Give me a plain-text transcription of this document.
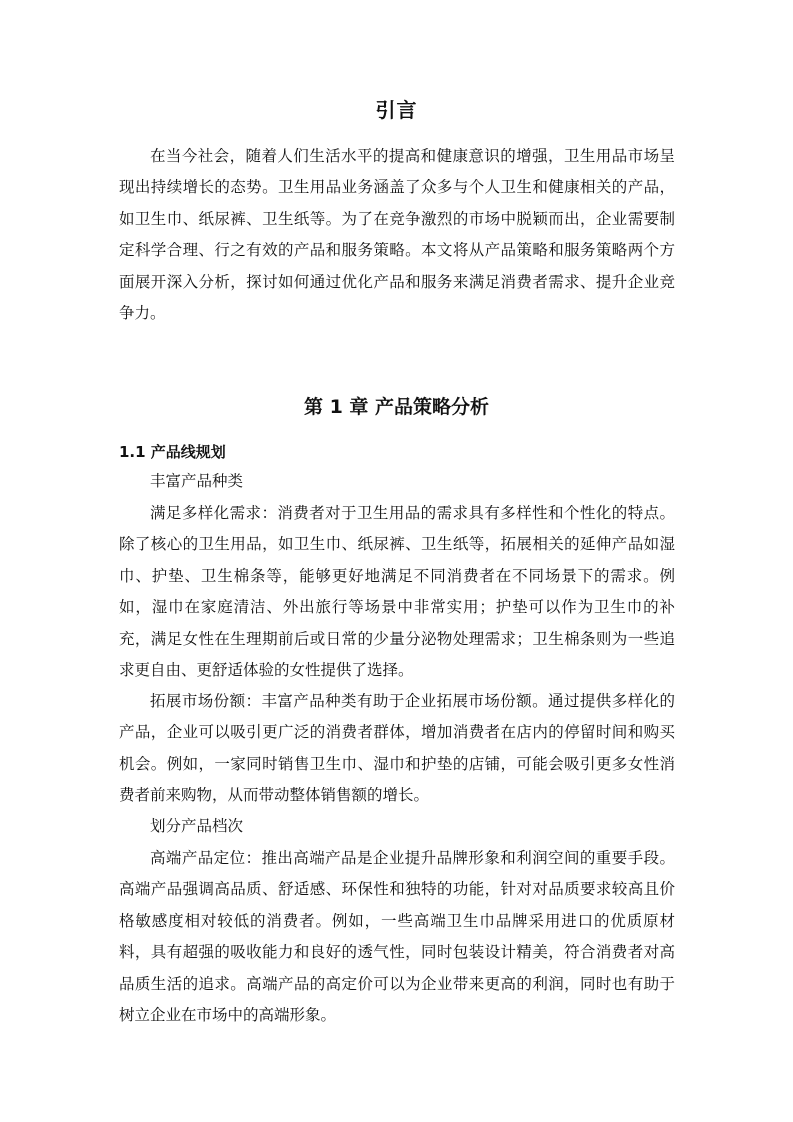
引言

在当今社会，随着人们生活水平的提高和健康意识的增强，卫生用品市场呈现出持续增长的态势。卫生用品业务涵盖了众多与个人卫生和健康相关的产品，如卫生巾、纸尿裤、卫生纸等。为了在竞争激烈的市场中脱颖而出，企业需要制定科学合理、行之有效的产品和服务策略。本文将从产品策略和服务策略两个方面展开深入分析，探讨如何通过优化产品和服务来满足消费者需求、提升企业竞争力。

第 1 章 产品策略分析
1.1 产品线规划
丰富产品种类

满足多样化需求：消费者对于卫生用品的需求具有多样性和个性化的特点。除了核心的卫生用品，如卫生巾、纸尿裤、卫生纸等，拓展相关的延伸产品如湿巾、护垫、卫生棉条等，能够更好地满足不同消费者在不同场景下的需求。例如，湿巾在家庭清洁、外出旅行等场景中非常实用；护垫可以作为卫生巾的补充，满足女性在生理期前后或日常的少量分泌物处理需求；卫生棉条则为一些追求更自由、更舒适体验的女性提供了选择。

拓展市场份额：丰富产品种类有助于企业拓展市场份额。通过提供多样化的产品，企业可以吸引更广泛的消费者群体，增加消费者在店内的停留时间和购买机会。例如，一家同时销售卫生巾、湿巾和护垫的店铺，可能会吸引更多女性消费者前来购物，从而带动整体销售额的增长。

划分产品档次

高端产品定位：推出高端产品是企业提升品牌形象和利润空间的重要手段。高端产品强调高品质、舒适感、环保性和独特的功能，针对对品质要求较高且价格敏感度相对较低的消费者。例如，一些高端卫生巾品牌采用进口的优质原材料，具有超强的吸收能力和良好的透气性，同时包装设计精美，符合消费者对高品质生活的追求。高端产品的高定价可以为企业带来更高的利润，同时也有助于树立企业在市场中的高端形象。
